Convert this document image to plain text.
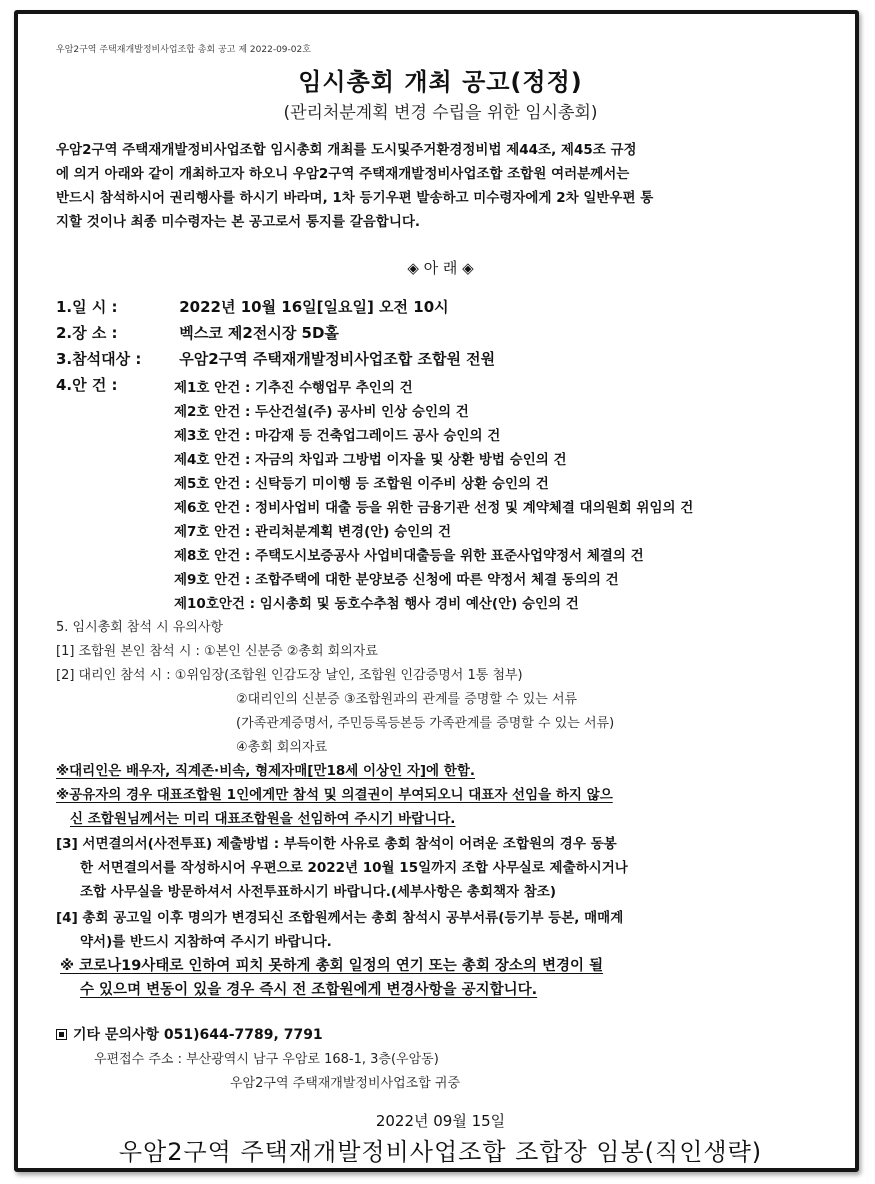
우암2구역 주택재개발정비사업조합 총회 공고 제 2022-09-02호
임시총회 개최 공고(정정)
(관리처분계획 변경 수립을 위한 임시총회)
우암2구역 주택재개발정비사업조합 임시총회 개최를 도시및주거환경정비법 제44조, 제45조 규정
에 의거 아래와 같이 개최하고자 하오니 우암2구역 주택재개발정비사업조합 조합원 여러분께서는
반드시 참석하시어 권리행사를 하시기 바라며, 1차 등기우편 발송하고 미수령자에게 2차 일반우편 통
지할 것이나 최종 미수령자는 본 공고로서 통지를 갈음합니다.
◈ 아 래 ◈
1.일 시 :	2022년 10월 16일[일요일] 오전 10시
2.장 소 :	벡스코 제2전시장 5D홀
3.참석대상 :	우암2구역 주택재개발정비사업조합 조합원 전원
4.안 건 :	제1호 안건 : 기추진 수행업무 추인의 건
제2호 안건 : 두산건설(주) 공사비 인상 승인의 건
제3호 안건 : 마감재 등 건축업그레이드 공사 승인의 건
제4호 안건 : 자금의 차입과 그방법 이자율 및 상환 방법 승인의 건
제5호 안건 : 신탁등기 미이행 등 조합원 이주비 상환 승인의 건
제6호 안건 : 정비사업비 대출 등을 위한 금융기관 선정 및 계약체결 대의원회 위임의 건
제7호 안건 : 관리처분계획 변경(안) 승인의 건
제8호 안건 : 주택도시보증공사 사업비대출등을 위한 표준사업약정서 체결의 건
제9호 안건 : 조합주택에 대한 분양보증 신청에 따른 약정서 체결 동의의 건
제10호안건 : 임시총회 및 동호수추첨 행사 경비 예산(안) 승인의 건
5. 임시총회 참석 시 유의사항
[1] 조합원 본인 참석 시 : ①본인 신분증 ②총회 회의자료
[2] 대리인 참석 시 : ①위임장(조합원 인감도장 날인, 조합원 인감증명서 1통 첨부)
②대리인의 신분증 ③조합원과의 관계를 증명할 수 있는 서류
(가족관계증명서, 주민등록등본등 가족관계를 증명할 수 있는 서류)
④총회 회의자료
※대리인은 배우자, 직계존·비속, 형제자매[만18세 이상인 자]에 한함.
※공유자의 경우 대표조합원 1인에게만 참석 및 의결권이 부여되오니 대표자 선임을 하지 않으
신 조합원님께서는 미리 대표조합원을 선임하여 주시기 바랍니다.
[3] 서면결의서(사전투표) 제출방법 : 부득이한 사유로 총회 참석이 어려운 조합원의 경우 동봉
한 서면결의서를 작성하시어 우편으로 2022년 10월 15일까지 조합 사무실로 제출하시거나
조합 사무실을 방문하셔서 사전투표하시기 바랍니다.(세부사항은 총회책자 참조)
[4] 총회 공고일 이후 명의가 변경되신 조합원께서는 총회 참석시 공부서류(등기부 등본, 매매계
약서)를 반드시 지참하여 주시기 바랍니다.
※ 코로나19사태로 인하여 피치 못하게 총회 일정의 연기 또는 총회 장소의 변경이 될
수 있으며 변동이 있을 경우 즉시 전 조합원에게 변경사항을 공지합니다.
기타 문의사항 051)644-7789, 7791
우편접수 주소 : 부산광역시 남구 우암로 168-1, 3층(우암동)
우암2구역 주택재개발정비사업조합 귀중
2022년 09월 15일
우암2구역 주택재개발정비사업조합 조합장 임봉(직인생략)
